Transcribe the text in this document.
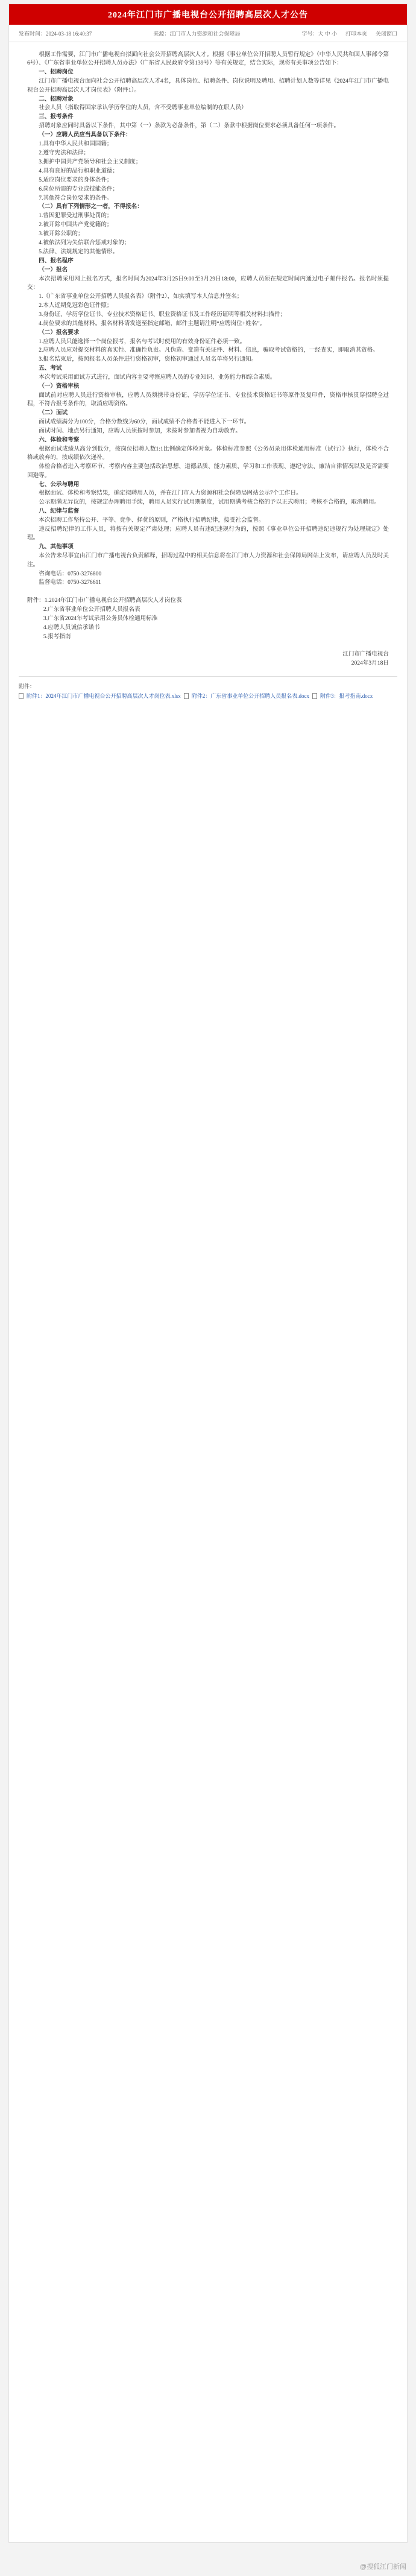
2024年江门市广播电视台公开招聘高层次人才公告
发布时间：2024-03-18 16:40:37	来源：江门市人力资源和社会保障局	字号：大 中 小 打印本页 关闭窗口

根据工作需要，江门市广播电视台拟面向社会公开招聘高层次人才。根据《事业单位公开招聘人员暂行规定》（中华人民共和国人事部令第6号）、《广东省事业单位公开招聘人员办法》（广东省人民政府令第139号）等有关规定，结合实际，现将有关事项公告如下：

一、招聘岗位

江门市广播电视台面向社会公开招聘高层次人才4名，具体岗位、招聘条件、岗位说明及聘用、招聘计划人数等详见《2024年江门市广播电视台公开招聘高层次人才岗位表》（附件1）。

二、招聘对象

社会人员（指取得国家承认学历学位的人员，含不受聘事业单位编制的在职人员）

三、报考条件

招聘对象应同时具备以下条件，其中第（一）条款为必备条件，第（二）条款中根据岗位要求必须具备任何一项条件。

（一）应聘人员应当具备以下条件：

1.具有中华人民共和国国籍；

2.遵守宪法和法律；

3.拥护中国共产党领导和社会主义制度；

4.具有良好的品行和职业道德；

5.适应岗位要求的身体条件；

6.岗位所需的专业或技能条件；

7.其他符合岗位要求的条件。

（二）具有下列情形之一者，不得报名：

1.曾因犯罪受过刑事处罚的；

2.被开除中国共产党党籍的；

3.被开除公职的；

4.被依法列为失信联合惩戒对象的；

5.法律、法规规定的其他情形。

四、报名程序

（一）报名

本次招聘采用网上报名方式，报名时间为2024年3月25日9:00至3月29日18:00，应聘人员须在规定时间内通过电子邮件报名。报名时须提交：

1.《广东省事业单位公开招聘人员报名表》（附件2），如实填写本人信息并签名；

2.本人近期免冠彩色证件照；

3.身份证、学历学位证书、专业技术资格证书、职业资格证书及工作经历证明等相关材料扫描件；

4.岗位要求的其他材料。报名材料请发送至指定邮箱，邮件主题请注明“应聘岗位+姓名”。

（二）报名要求

1.应聘人员只能选择一个岗位报考，报名与考试时使用的有效身份证件必须一致。

2.应聘人员应对提交材料的真实性、准确性负责。凡伪造、变造有关证件、材料、信息，骗取考试资格的，一经查实，即取消其资格。

3.报名结束后，按照报名人员条件进行资格初审，资格初审通过人员名单将另行通知。

五、考试

本次考试采用面试方式进行，面试内容主要考察应聘人员的专业知识、业务能力和综合素质。

（一）资格审核

面试前对应聘人员进行资格审核，应聘人员须携带身份证、学历学位证书、专业技术资格证书等原件及复印件，资格审核贯穿招聘全过程，不符合报考条件的，取消应聘资格。

（二）面试

面试成绩满分为100分，合格分数线为60分，面试成绩不合格者不能进入下一环节。

面试时间、地点另行通知，应聘人员须按时参加，未按时参加者视为自动放弃。

六、体检和考察

根据面试成绩从高分到低分，按岗位招聘人数1:1比例确定体检对象。体检标准参照《公务员录用体检通用标准（试行）》执行，体检不合格或放弃的，按成绩依次递补。

体检合格者进入考察环节，考察内容主要包括政治思想、道德品质、能力素质、学习和工作表现、遵纪守法、廉洁自律情况以及是否需要回避等。

七、公示与聘用

根据面试、体检和考察结果，确定拟聘用人员，并在江门市人力资源和社会保障局网站公示7个工作日。

公示期满无异议的，按规定办理聘用手续，聘用人员实行试用期制度，试用期满考核合格的予以正式聘用；考核不合格的，取消聘用。

八、纪律与监督

本次招聘工作坚持公开、平等、竞争、择优的原则，严格执行招聘纪律，接受社会监督。

违反招聘纪律的工作人员，将按有关规定严肃处理；应聘人员有违纪违规行为的，按照《事业单位公开招聘违纪违规行为处理规定》处理。

九、其他事项

本公告未尽事宜由江门市广播电视台负责解释，招聘过程中的相关信息将在江门市人力资源和社会保障局网站上发布，请应聘人员及时关注。

咨询电话：0750-3276800

监督电话：0750-3276611

附件：1.2024年江门市广播电视台公开招聘高层次人才岗位表

2.广东省事业单位公开招聘人员报名表

3.广东省2024年考试录用公务员体检通用标准

4.应聘人员诚信承诺书

5.报考指南

江门市广播电视台

2024年3月18日

附件：
附件1：2024年江门市广播电视台公开招聘高层次人才岗位表.xlsx 附件2：广东省事业单位公开招聘人员报名表.docx 附件3：报考指南.docx
@搜狐江门新闻
